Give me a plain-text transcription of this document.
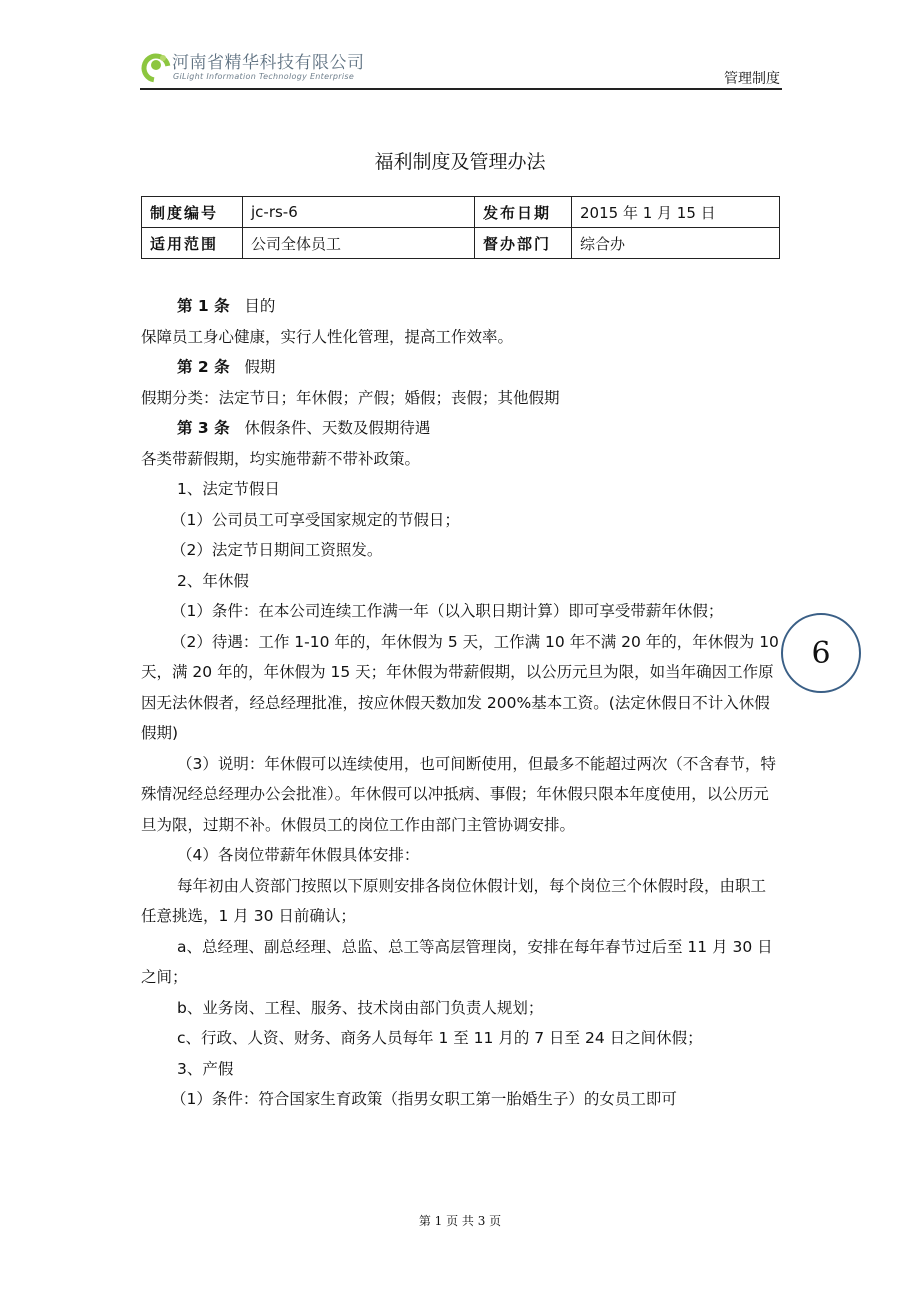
河南省精华科技有限公司
GiLight Information Technology Enterprise	管理制度
福利制度及管理办法
制度编号	jc-rs-6	发布日期	2015 年 1 月 15 日
适用范围	公司全体员工	督办部门	综合办

第 1 条 目的

保障员工身心健康，实行人性化管理，提高工作效率。

第 2 条 假期

假期分类：法定节日；年休假；产假；婚假；丧假；其他假期

第 3 条 休假条件、天数及假期待遇

各类带薪假期，均实施带薪不带补政策。

1、法定节假日

（1）公司员工可享受国家规定的节假日；

（2）法定节日期间工资照发。

2、年休假

（1）条件：在本公司连续工作满一年（以入职日期计算）即可享受带薪年休假；

（2）待遇：工作 1-10 年的，年休假为 5 天，工作满 10 年不满 20 年的，年休假为 10 天，满 20 年的，年休假为 15 天；年休假为带薪假期，以公历元旦为限，如当年确因工作原因无法休假者，经总经理批准，按应休假天数加发 200%基本工资。(法定休假日不计入休假假期)

（3）说明：年休假可以连续使用，也可间断使用，但最多不能超过两次（不含春节，特殊情况经总经理办公会批准）。年休假可以冲抵病、事假；年休假只限本年度使用，以公历元旦为限，过期不补。休假员工的岗位工作由部门主管协调安排。

（4）各岗位带薪年休假具体安排：

每年初由人资部门按照以下原则安排各岗位休假计划，每个岗位三个休假时段，由职工任意挑选，1 月 30 日前确认；

a、总经理、副总经理、总监、总工等高层管理岗，安排在每年春节过后至 11 月 30 日之间；

b、业务岗、工程、服务、技术岗由部门负责人规划；

c、行政、人资、财务、商务人员每年 1 至 11 月的 7 日至 24 日之间休假；

3、产假

（1）条件：符合国家生育政策（指男女职工第一胎婚生子）的女员工即可

6
第 1 页 共 3 页
